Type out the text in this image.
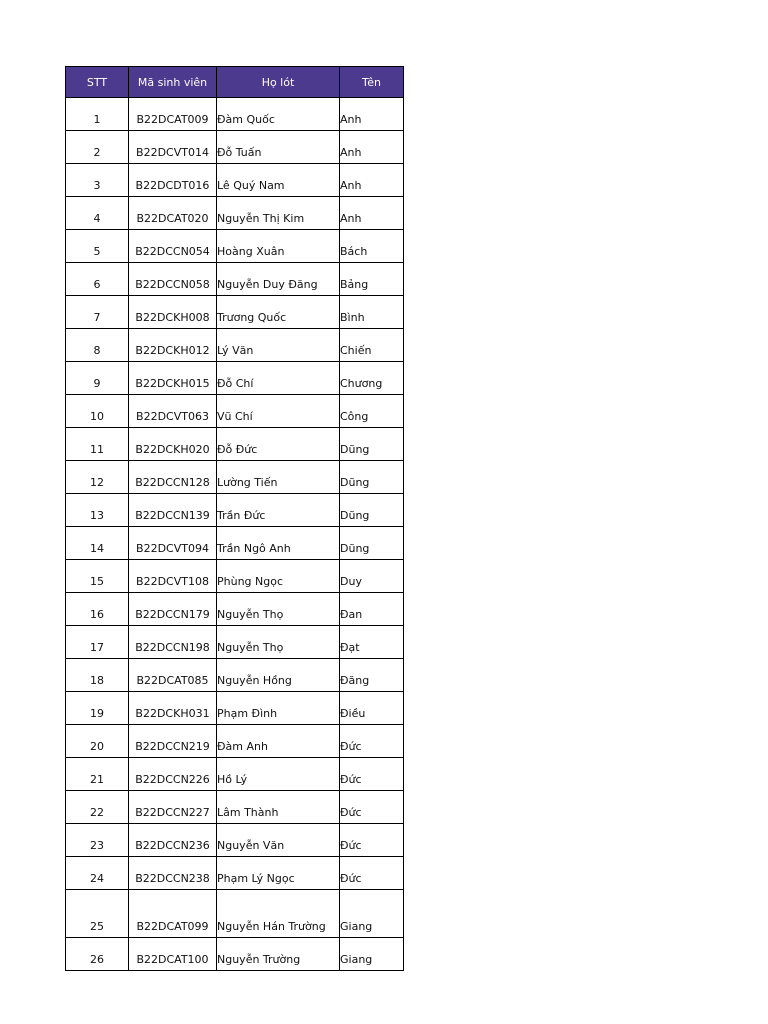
STT	Mã sinh viên	Họ lót	Tên
1	B22DCAT009	Đàm Quốc	Anh
2	B22DCVT014	Đỗ Tuấn	Anh
3	B22DCDT016	Lê Quý Nam	Anh
4	B22DCAT020	Nguyễn Thị Kim	Anh
5	B22DCCN054	Hoàng Xuân	Bách
6	B22DCCN058	Nguyễn Duy Đăng	Bảng
7	B22DCKH008	Trương Quốc	Bình
8	B22DCKH012	Lý Văn	Chiến
9	B22DCKH015	Đỗ Chí	Chương
10	B22DCVT063	Vũ Chí	Công
11	B22DCKH020	Đỗ Đức	Dũng
12	B22DCCN128	Lường Tiến	Dũng
13	B22DCCN139	Trần Đức	Dũng
14	B22DCVT094	Trần Ngô Anh	Dũng
15	B22DCVT108	Phùng Ngọc	Duy
16	B22DCCN179	Nguyễn Thọ	Đan
17	B22DCCN198	Nguyễn Thọ	Đạt
18	B22DCAT085	Nguyễn Hồng	Đăng
19	B22DCKH031	Phạm Đình	Điều
20	B22DCCN219	Đàm Anh	Đức
21	B22DCCN226	Hồ Lý	Đức
22	B22DCCN227	Lâm Thành	Đức
23	B22DCCN236	Nguyễn Văn	Đức
24	B22DCCN238	Phạm Lý Ngọc	Đức
25	B22DCAT099	Nguyễn Hán Trường	Giang
26	B22DCAT100	Nguyễn Trường	Giang
